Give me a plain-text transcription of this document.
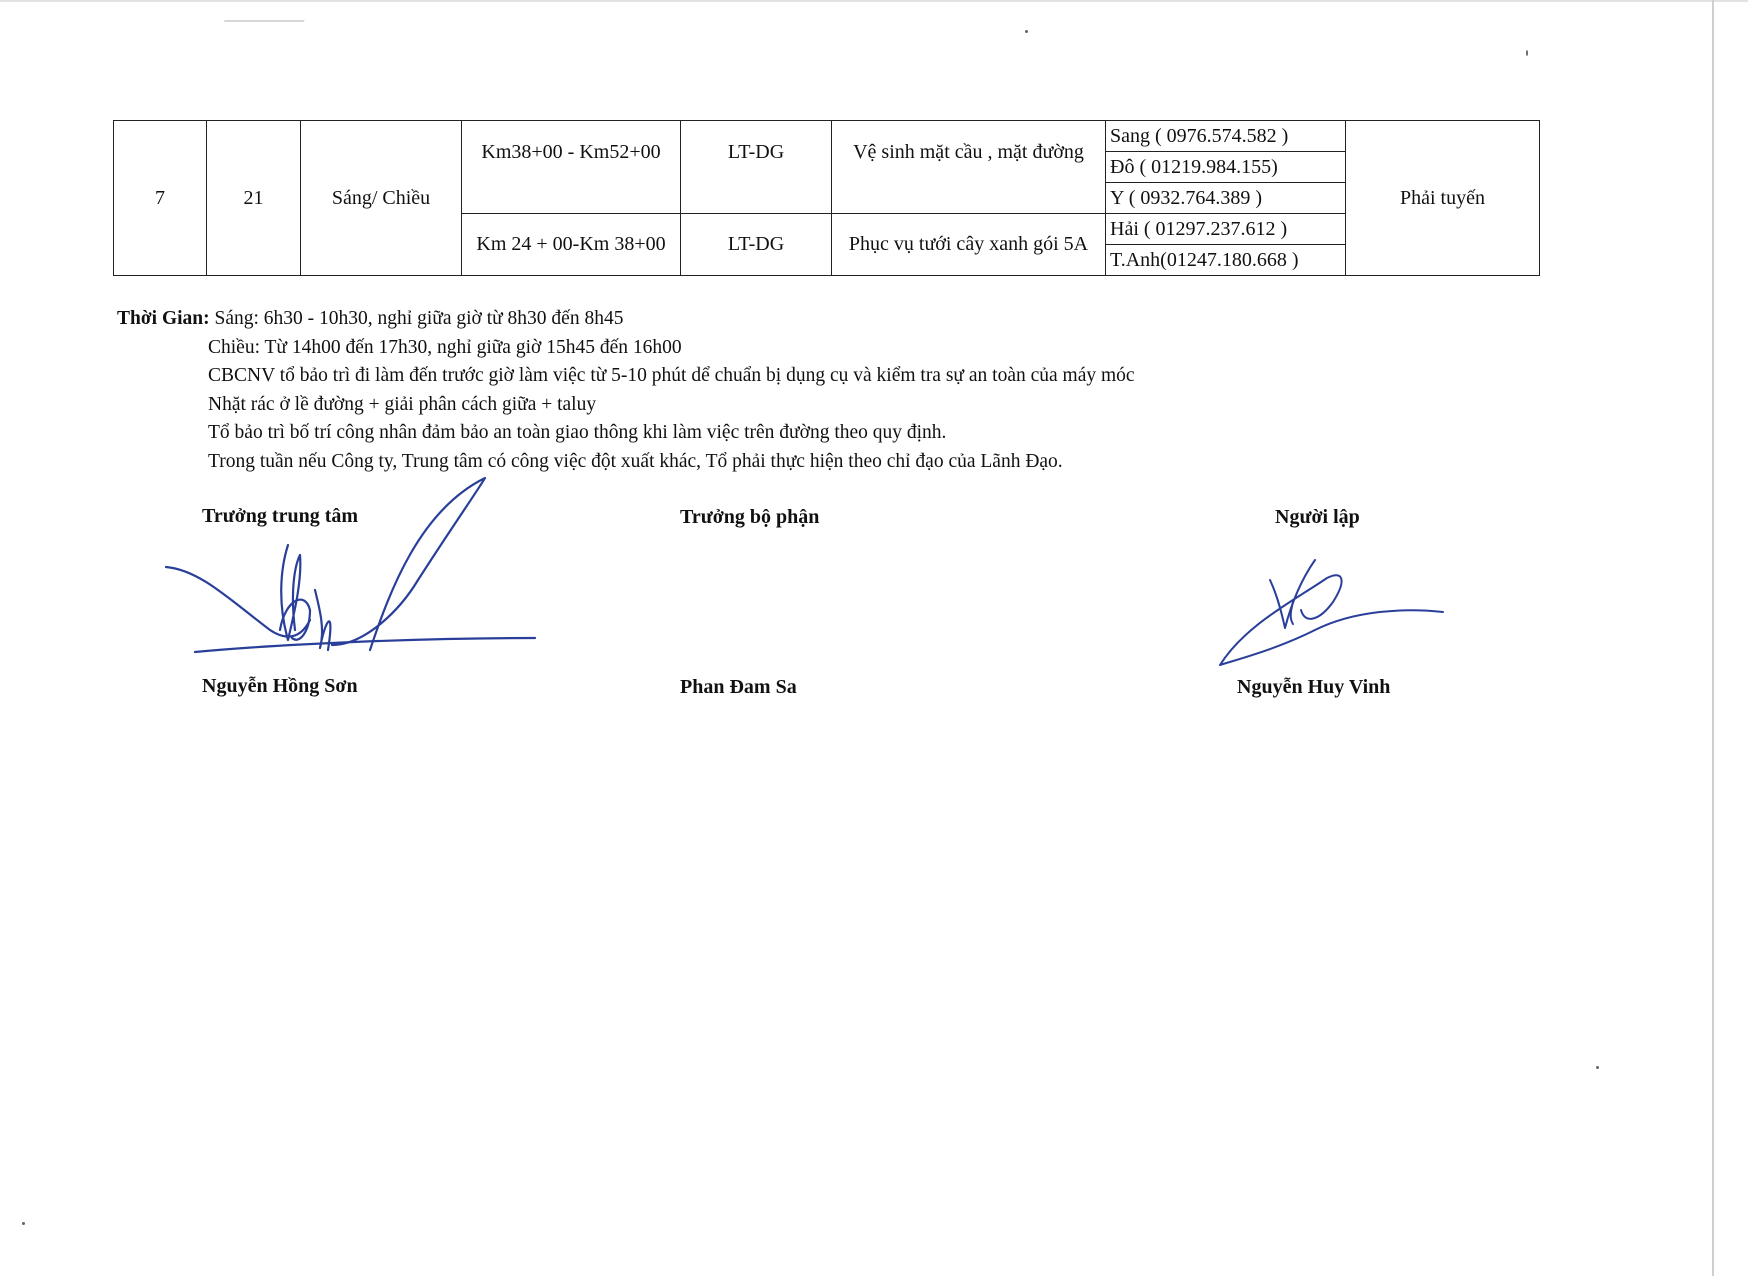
7	21	Sáng/ Chiều	Km38+00 - Km52+00	LT-DG	Vệ sinh mặt cầu , mặt đường	Sang ( 0976.574.582 )	Phải tuyến
						Đô ( 01219.984.155)	
						Y ( 0932.764.389 )	
			Km 24 + 00-Km 38+00	LT-DG	Phục vụ tưới cây xanh gói 5A	Hải ( 01297.237.612 )	
						T.Anh(01247.180.668 )	
Thời Gian: Sáng: 6h30 - 10h30, nghỉ giữa giờ từ 8h30 đến 8h45
Chiều: Từ 14h00 đến 17h30, nghỉ giữa giờ 15h45 đến 16h00
CBCNV tổ bảo trì đi làm đến trước giờ làm việc từ 5-10 phút dể chuẩn bị dụng cụ và kiểm tra sự an toàn của máy móc
Nhặt rác ở lề đường + giải phân cách giữa + taluy
Tổ bảo trì bố trí công nhân đảm bảo an toàn giao thông khi làm việc trên đường theo quy định.
Trong tuần nếu Công ty, Trung tâm có công việc đột xuất khác, Tổ phải thực hiện theo chỉ đạo của Lãnh Đạo.
Trưởng trung tâm	Trưởng bộ phận	Người lập
Nguyễn Hồng Sơn	Phan Đam Sa	Nguyễn Huy Vinh
